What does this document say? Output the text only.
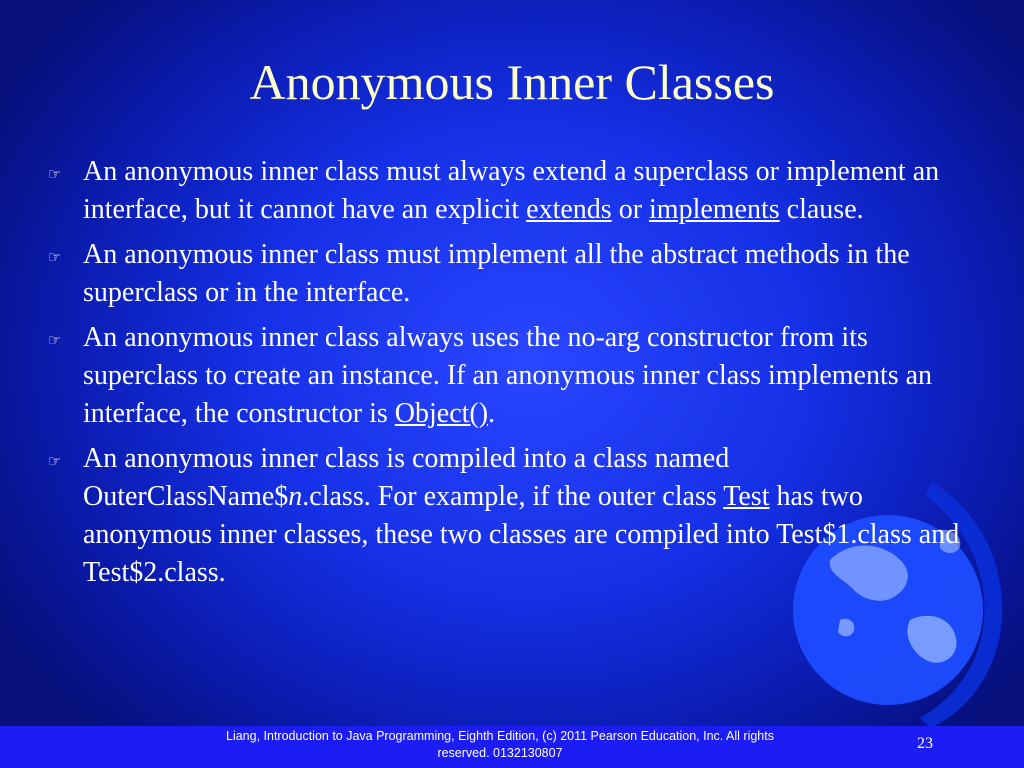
Anonymous Inner Classes
☞ An anonymous inner class must always extend a superclass or implement an interface, but it cannot have an explicit extends or implements clause.
☞ An anonymous inner class must implement all the abstract methods in the superclass or in the interface.
☞ An anonymous inner class always uses the no-arg constructor from its superclass to create an instance. If an anonymous inner class implements an interface, the constructor is Object().
☞ An anonymous inner class is compiled into a class named OuterClassName$n.class. For example, if the outer class Test has two anonymous inner classes, these two classes are compiled into Test$1.class and Test$2.class.
Liang, Introduction to Java Programming, Eighth Edition, (c) 2011 Pearson Education, Inc. All rights reserved. 0132130807
23
